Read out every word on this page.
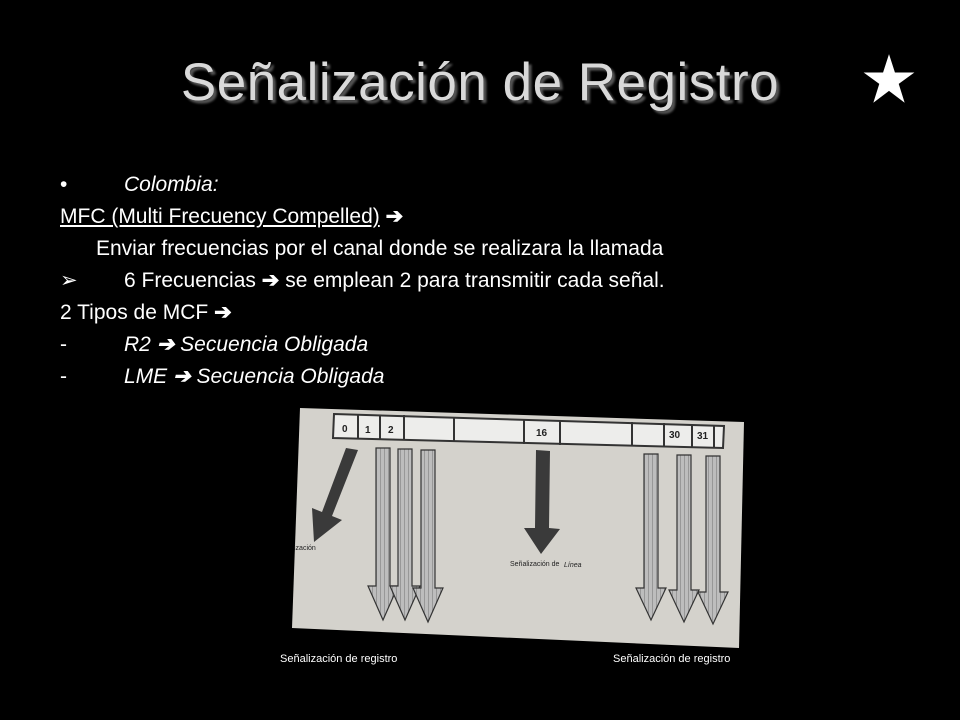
Señalización de Registro
•	Colombia:
MFC (Multi Frecuency Compelled) ➔
Enviar frecuencias por el canal donde se realizara la llamada
➢ 6 Frecuencias ➔ se emplean 2 para transmitir cada señal.
2 Tipos de MCF ➔
-	R2 ➔ Secuencia Obligada
-	LME ➔ Secuencia Obligada
0 1 2	16	30 31
ización
Señalización de Línea
Señalización de registro	Señalización de registro
